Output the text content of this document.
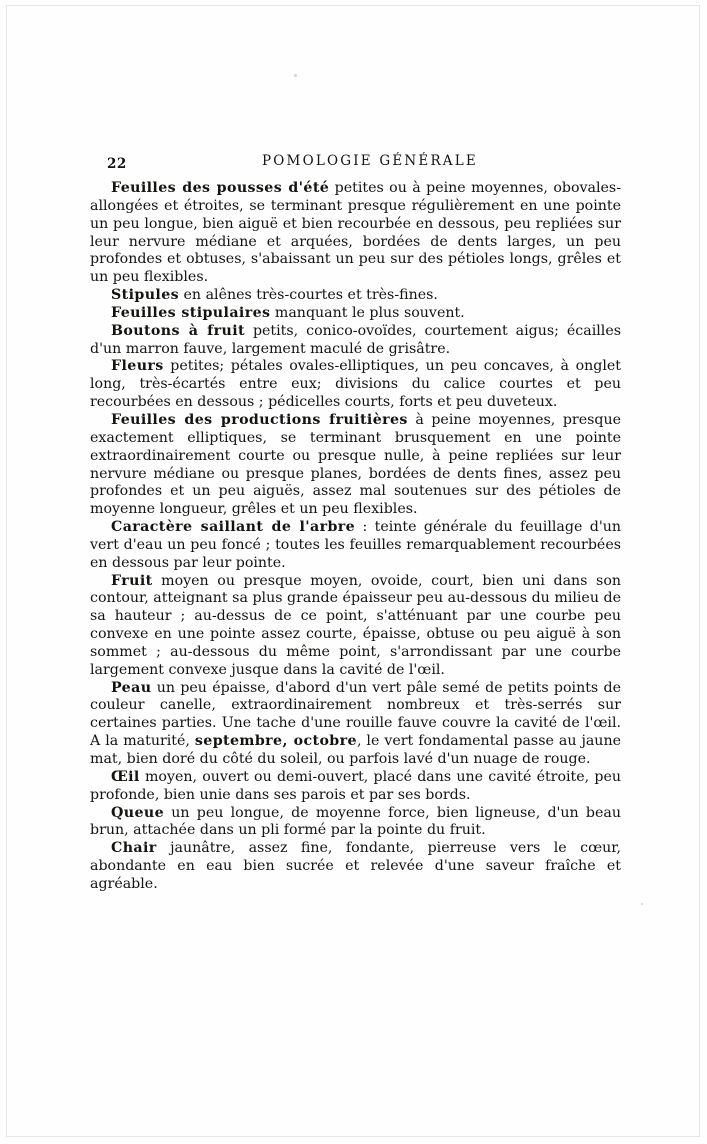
22	POMOLOGIE GÉNÉRALE

Feuilles des pousses d'été petites ou à peine moyennes, obovales-allongées et étroites, se terminant presque régulièrement en une pointe un peu longue, bien aiguë et bien recourbée en dessous, peu repliées sur leur nervure médiane et arquées, bordées de dents larges, un peu profondes et obtuses, s'abaissant un peu sur des pétioles longs, grêles et un peu flexibles.

Stipules en alênes très-courtes et très-fines.

Feuilles stipulaires manquant le plus souvent.

Boutons à fruit petits, conico-ovoïdes, courtement aigus; écailles d'un marron fauve, largement maculé de grisâtre.

Fleurs petites; pétales ovales-elliptiques, un peu concaves, à onglet long, très-écartés entre eux; divisions du calice courtes et peu recourbées en dessous ; pédicelles courts, forts et peu duveteux.

Feuilles des productions fruitières à peine moyennes, presque exactement elliptiques, se terminant brusquement en une pointe extraordinairement courte ou presque nulle, à peine repliées sur leur nervure médiane ou presque planes, bordées de dents fines, assez peu profondes et un peu aiguës, assez mal soutenues sur des pétioles de moyenne longueur, grêles et un peu flexibles.

Caractère saillant de l'arbre : teinte générale du feuillage d'un vert d'eau un peu foncé ; toutes les feuilles remarquablement recourbées en dessous par leur pointe.

Fruit moyen ou presque moyen, ovoide, court, bien uni dans son contour, atteignant sa plus grande épaisseur peu au-dessous du milieu de sa hauteur ; au-dessus de ce point, s'atténuant par une courbe peu convexe en une pointe assez courte, épaisse, obtuse ou peu aiguë à son sommet ; au-dessous du même point, s'arrondissant par une courbe largement convexe jusque dans la cavité de l'œil.

Peau un peu épaisse, d'abord d'un vert pâle semé de petits points de couleur canelle, extraordinairement nombreux et très-serrés sur certaines parties. Une tache d'une rouille fauve couvre la cavité de l'œil. A la maturité, septembre, octobre, le vert fondamental passe au jaune mat, bien doré du côté du soleil, ou parfois lavé d'un nuage de rouge.

Œil moyen, ouvert ou demi-ouvert, placé dans une cavité étroite, peu profonde, bien unie dans ses parois et par ses bords.

Queue un peu longue, de moyenne force, bien ligneuse, d'un beau brun, attachée dans un pli formé par la pointe du fruit.

Chair jaunâtre, assez fine, fondante, pierreuse vers le cœur, abondante en eau bien sucrée et relevée d'une saveur fraîche et agréable.
